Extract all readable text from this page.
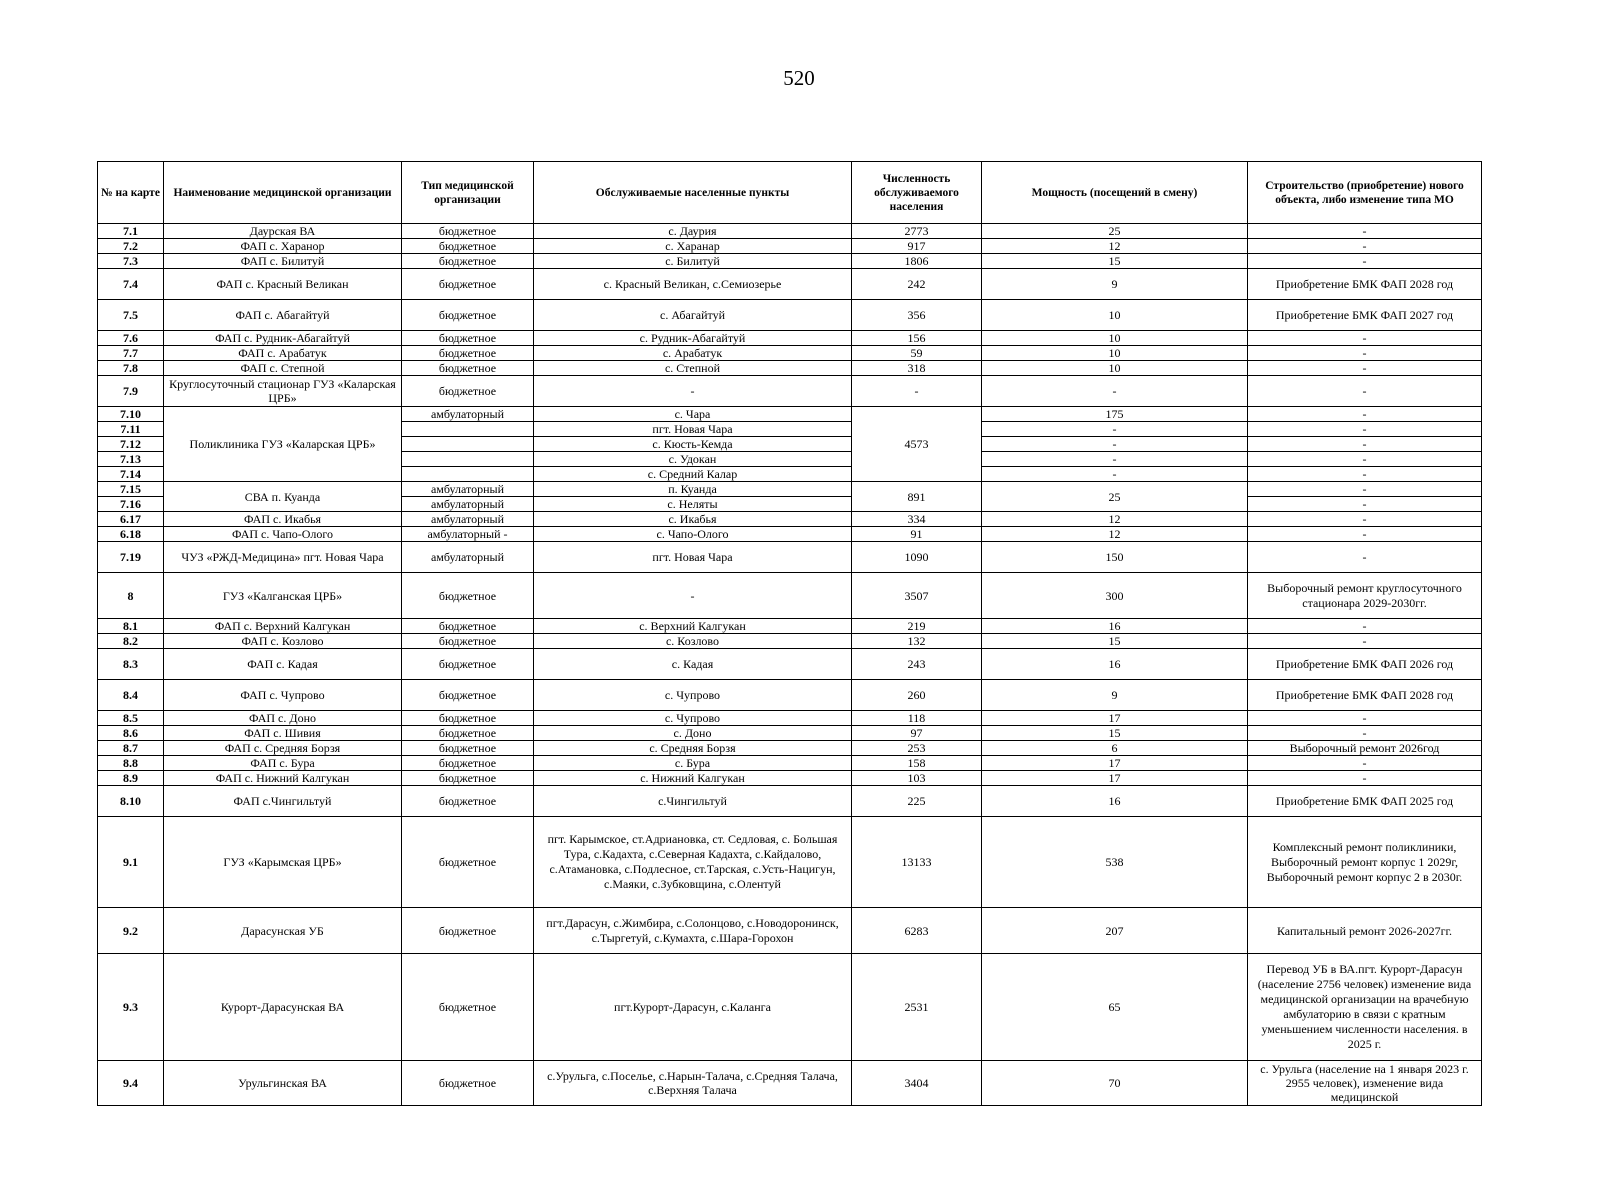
520
№ на карте	Наименование медицинской организации	Тип медицинской организации	Обслуживаемые населенные пункты	Численность обслуживаемого населения	Мощность (посещений в смену)	Строительство (приобретение) нового объекта, либо изменение типа МО
7.1	Даурская ВА	бюджетное	с. Даурия	2773	25	-
7.2	ФАП с. Харанор	бюджетное	с. Харанар	917	12	-
7.3	ФАП с. Билитуй	бюджетное	с. Билитуй	1806	15	-
7.4	ФАП с. Красный Великан	бюджетное	с. Красный Великан, с.Семиозерье	242	9	Приобретение БМК ФАП 2028 год
7.5	ФАП с. Абагайтуй	бюджетное	с. Абагайтуй	356	10	Приобретение БМК ФАП 2027 год
7.6	ФАП с. Рудник-Абагайтуй	бюджетное	с. Рудник-Абагайтуй	156	10	-
7.7	ФАП с. Арабатук	бюджетное	с. Арабатук	59	10	-
7.8	ФАП с. Степной	бюджетное	с. Степной	318	10	-
7.9	Круглосуточный стационар ГУЗ «Каларская ЦРБ»	бюджетное	-	-	-	-
7.10	Поликлиника ГУЗ «Каларская ЦРБ»	амбулаторный	с. Чара	4573	175	-
7.11			пгт. Новая Чара		-	-
7.12			с. Кюсть-Кемда		-	-
7.13			с. Удокан		-	-
7.14			с. Средний Калар		-	-
7.15	СВА п. Куанда	амбулаторный	п. Куанда	891	25	-
7.16		амбулаторный	с. Неляты			-
6.17	ФАП с. Икабья	амбулаторный	с. Икабья	334	12	-
6.18	ФАП с. Чапо-Олого	амбулаторный -	с. Чапо-Олого	91	12	-
7.19	ЧУЗ «РЖД-Медицина» пгт. Новая Чара	амбулаторный	пгт. Новая Чара	1090	150	-
8	ГУЗ «Калганская ЦРБ»	бюджетное	-	3507	300	Выборочный ремонт круглосуточного стационара 2029-2030гг.
8.1	ФАП с. Верхний Калгукан	бюджетное	с. Верхний Калгукан	219	16	-
8.2	ФАП с. Козлово	бюджетное	с. Козлово	132	15	-
8.3	ФАП с. Кадая	бюджетное	с. Кадая	243	16	Приобретение БМК ФАП 2026 год
8.4	ФАП с. Чупрово	бюджетное	с. Чупрово	260	9	Приобретение БМК ФАП 2028 год
8.5	ФАП с. Доно	бюджетное	с. Чупрово	118	17	-
8.6	ФАП с. Шивия	бюджетное	с. Доно	97	15	-
8.7	ФАП с. Средняя Борзя	бюджетное	с. Средняя Борзя	253	6	Выборочный ремонт 2026год
8.8	ФАП с. Бура	бюджетное	с. Бура	158	17	-
8.9	ФАП с. Нижний Калгукан	бюджетное	с. Нижний Калгукан	103	17	-
8.10	ФАП с.Чингильтуй	бюджетное	с.Чингильтуй	225	16	Приобретение БМК ФАП 2025 год
9.1	ГУЗ «Карымская ЦРБ»	бюджетное	пгт. Карымское, ст.Адриановка, ст. Седловая, с. Большая Тура, с.Кадахта, с.Северная Кадахта, с.Кайдалово, с.Атамановка, с.Подлесное, ст.Тарская, с.Усть-Нацигун, с.Маяки, с.Зубковщина, с.Олентуй	13133	538	Комплексный ремонт поликлиники, Выборочный ремонт корпус 1 2029г, Выборочный ремонт корпус 2 в 2030г.
9.2	Дарасунская УБ	бюджетное	пгт.Дарасун, с.Жимбира, с.Солонцово, с.Новодоронинск, с.Тыргетуй, с.Кумахта, с.Шара-Горохон	6283	207	Капитальный ремонт 2026-2027гг.
9.3	Курорт-Дарасунская ВА	бюджетное	пгт.Курорт-Дарасун, с.Каланга	2531	65	Перевод УБ в ВА.пгт. Курорт-Дарасун (население 2756 человек) изменение вида медицинской организации на врачебную амбулаторию в связи с кратным уменьшением численности населения. в 2025 г.
9.4	Урульгинская ВА	бюджетное	с.Урульга, с.Поселье, с.Нарын-Талача, с.Средняя Талача, с.Верхняя Талача	3404	70	с. Урульга (население на 1 января 2023 г. 2955 человек), изменение вида медицинской
